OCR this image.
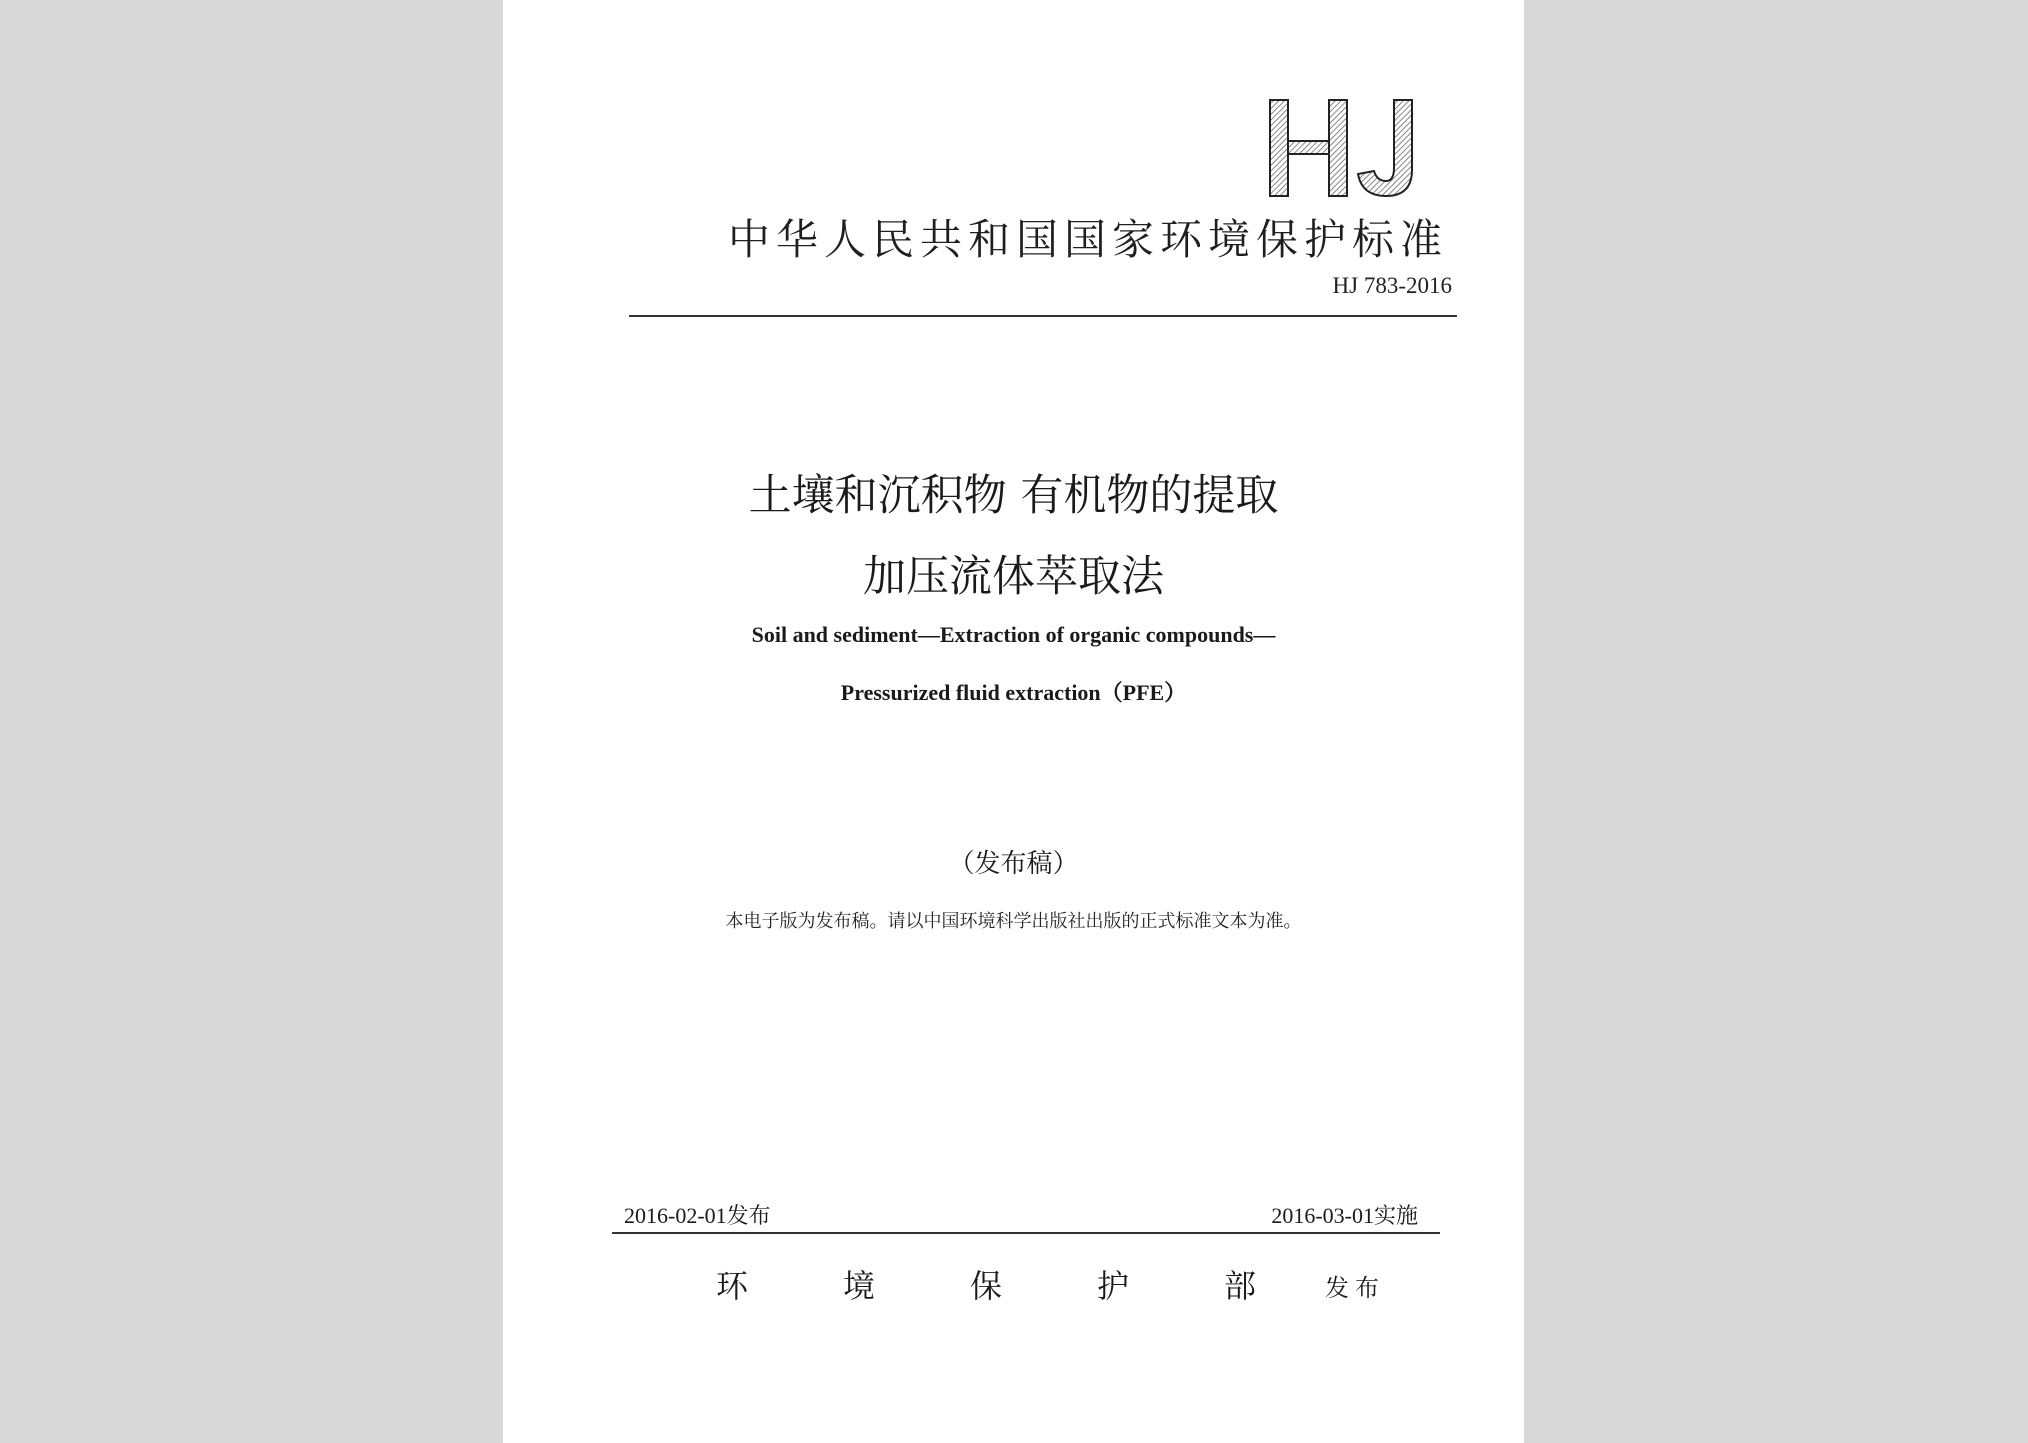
中华人民共和国国家环境保护标准
HJ 783-2016
土壤和沉积物 有机物的提取
加压流体萃取法
Soil and sediment—Extraction of organic compounds—
Pressurized fluid extraction（PFE）
（发布稿）
本电子版为发布稿。请以中国环境科学出版社出版的正式标准文本为准。
2016-02-01发布	2016-03-01实施
环境保护部	发布
